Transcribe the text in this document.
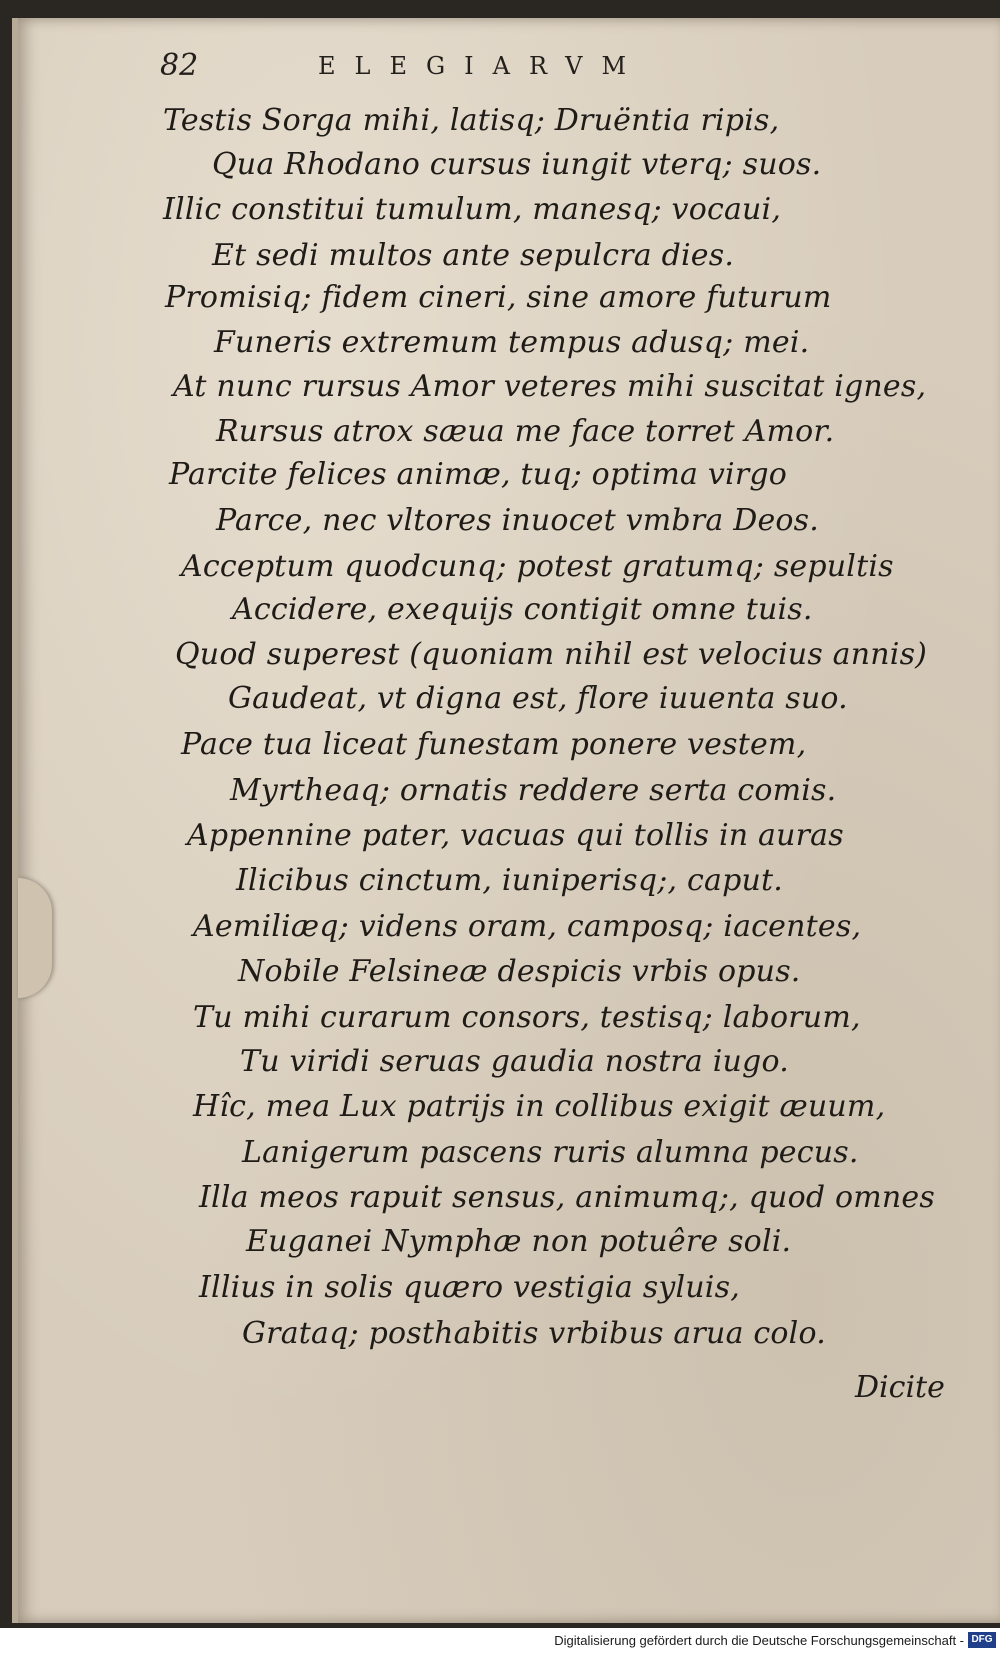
82	ELEGIARVM
Testis Sorga mihi, latisq; Druëntia ripis,
Qua Rhodano cursus iungit vterq; suos.
Illic constitui tumulum, manesq; vocaui,
Et sedi multos ante sepulcra dies.
Promisiq; fidem cineri, sine amore futurum
Funeris extremum tempus adusq; mei.
At nunc rursus Amor veteres mihi suscitat ignes,
Rursus atrox sæua me face torret Amor.
Parcite felices animæ, tuq; optima virgo
Parce, nec vltores inuocet vmbra Deos.
Acceptum quodcunq; potest gratumq; sepultis
Accidere, exequijs contigit omne tuis.
Quod superest (quoniam nihil est velocius annis)
Gaudeat, vt digna est, flore iuuenta suo.
Pace tua liceat funestam ponere vestem,
Myrtheaq; ornatis reddere serta comis.
Appennine pater, vacuas qui tollis in auras
Ilicibus cinctum, iuniperisq;, caput.
Aemiliæq; videns oram, camposq; iacentes,
Nobile Felsineæ despicis vrbis opus.
Tu mihi curarum consors, testisq; laborum,
Tu viridi seruas gaudia nostra iugo.
Hîc, mea Lux patrijs in collibus exigit æuum,
Lanigerum pascens ruris alumna pecus.
Illa meos rapuit sensus, animumq;, quod omnes
Euganei Nymphæ non potuêre soli.
Illius in solis quæro vestigia syluis,
Grataq; posthabitis vrbibus arua colo.
Dicite
Digitalisierung gefördert durch die Deutsche Forschungsgemeinschaft - DFG
